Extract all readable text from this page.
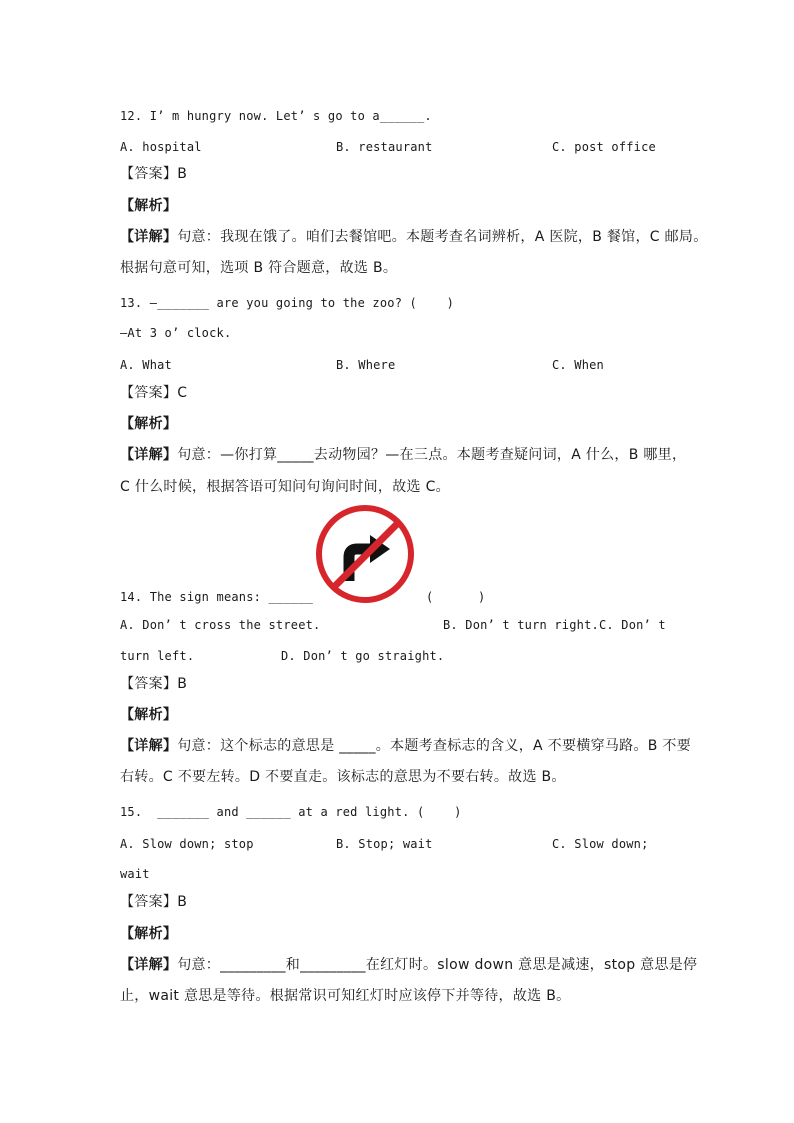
12. I’ m hungry now. Let’ s go to a______.
A. hospital	B. restaurant	C. post office
【答案】B
【解析】
【详解】句意：我现在饿了。咱们去餐馆吧。本题考查名词辨析，A 医院，B 餐馆，C 邮局。
根据句意可知，选项 B 符合题意，故选 B。
13. —_______ are you going to the zoo? (    )
—At 3 o’ clock.
A. What	B. Where	C. When
【答案】C
【解析】
【详解】句意：—你打算_____去动物园？—在三点。本题考查疑问词，A 什么，B 哪里，
C 什么时候，根据答语可知问句询问时间，故选 C。
14. The sign means: ______	(      )
A. Don’ t cross the street.	B. Don’ t turn right. C. Don’ t
turn left.	D. Don’ t go straight.
【答案】B
【解析】
【详解】句意：这个标志的意思是 _____。本题考查标志的含义，A 不要横穿马路。B 不要
右转。C 不要左转。D 不要直走。该标志的意思为不要右转。故选 B。
15.  _______ and ______ at a red light. (    )
A. Slow down; stop	B. Stop; wait	C. Slow down;
wait
【答案】B
【解析】
【详解】句意：_________和_________在红灯时。slow down 意思是减速，stop 意思是停
止，wait 意思是等待。根据常识可知红灯时应该停下并等待，故选 B。
